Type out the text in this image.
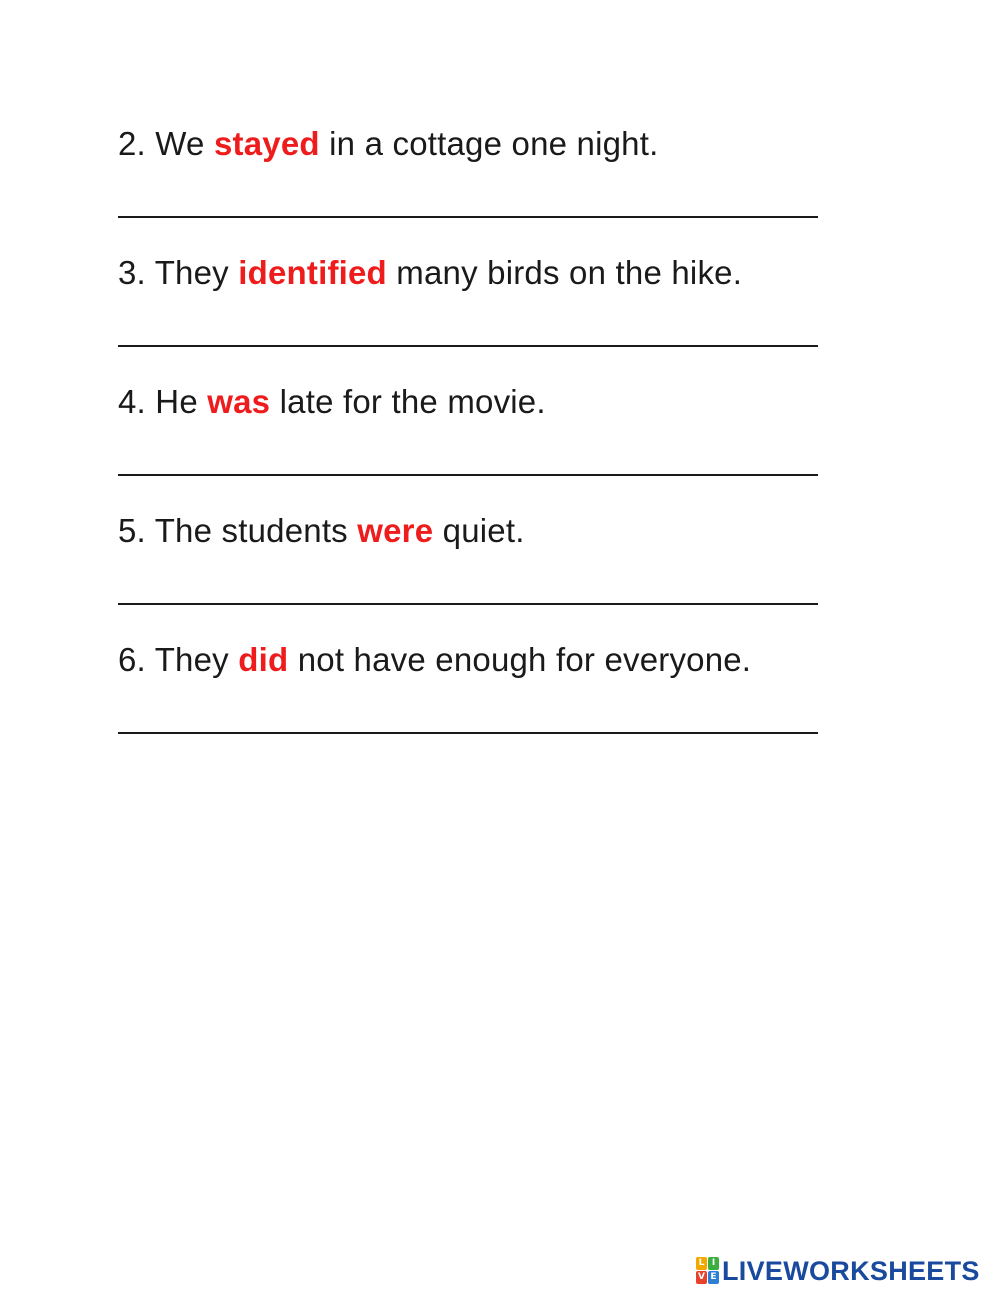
2. We stayed in a cottage one night.
3. They identified many birds on the hike.
4. He was late for the movie.
5. The students were quiet.
6. They did not have enough for everyone.
L I
V E LIVEWORKSHEETS
